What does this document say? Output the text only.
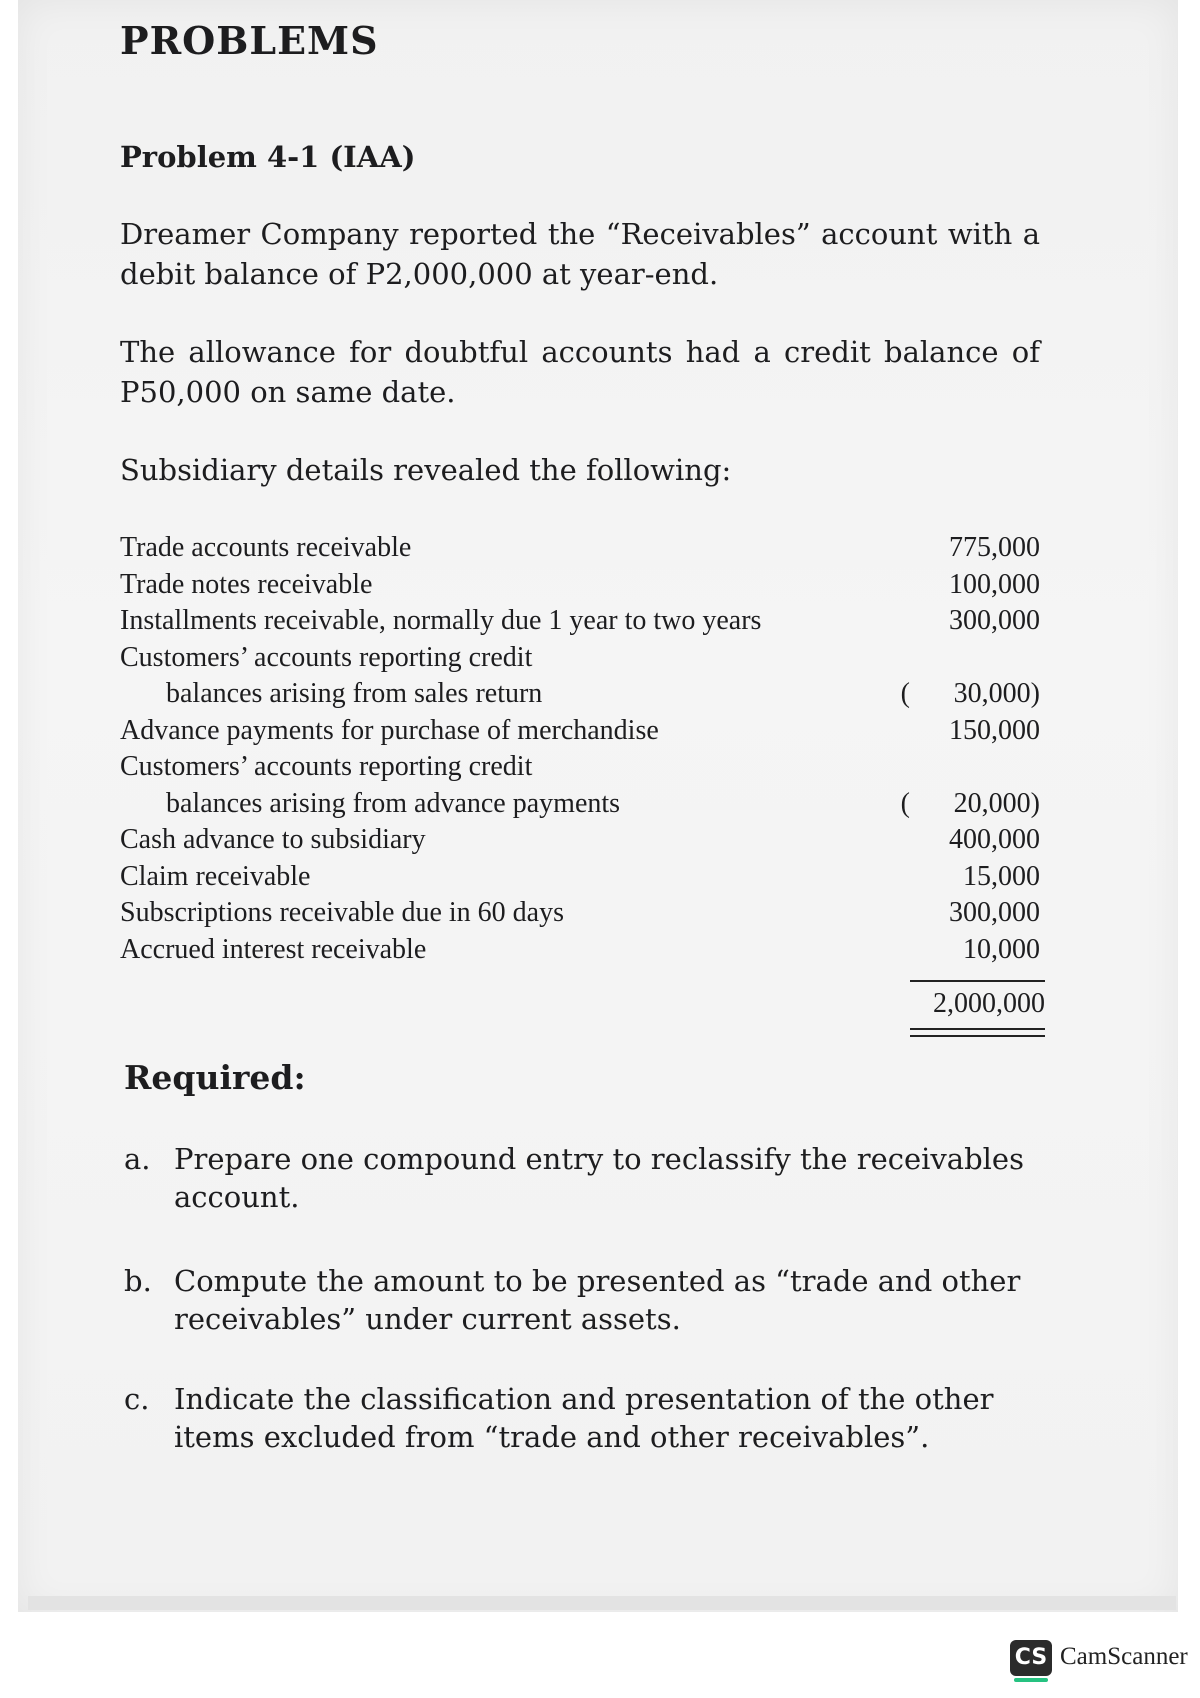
PROBLEMS
Problem 4-1 (IAA)
Dreamer Company reported the “Receivables” account with a debit balance of P2,000,000 at year-end.
The allowance for doubtful accounts had a credit balance of P50,000 on same date.
Subsidiary details revealed the following:
Trade accounts receivable	775,000
Trade notes receivable	100,000
Installments receivable, normally due 1 year to two years	300,000
Customers’ accounts reporting credit
balances arising from sales return	(	30,000)
Advance payments for purchase of merchandise	150,000
Customers’ accounts reporting credit
balances arising from advance payments	(	20,000)
Cash advance to subsidiary	400,000
Claim receivable	15,000
Subscriptions receivable due in 60 days	300,000
Accrued interest receivable	10,000
2,000,000
Required:
a. Prepare one compound entry to reclassify the receivables account.
b. Compute the amount to be presented as “trade and other receivables” under current assets.
c. Indicate the classification and presentation of the other items excluded from “trade and other receivables”.
CS CamScanner
